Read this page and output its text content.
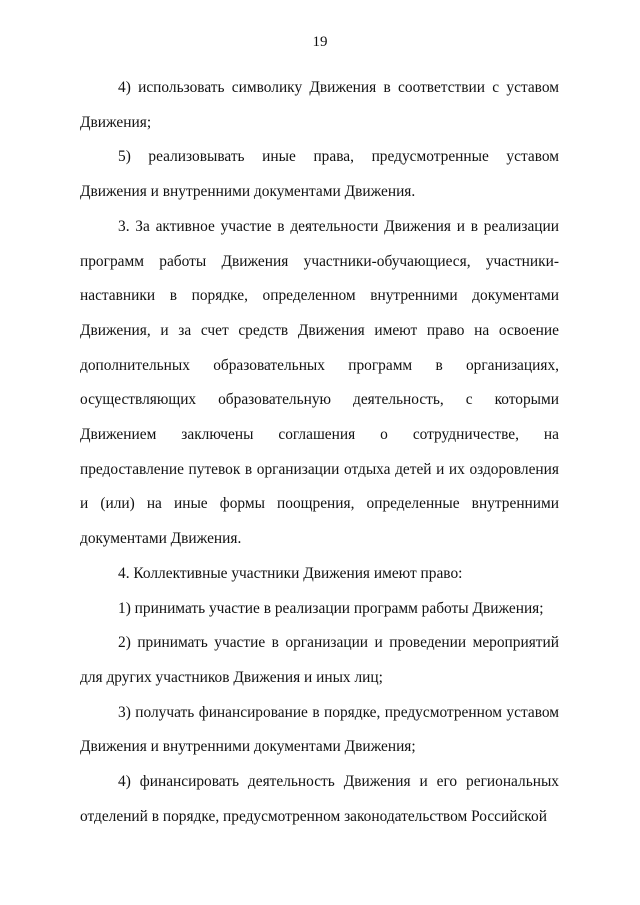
19

4) использовать символику Движения в соответствии с уставом Движения;

5) реализовывать иные права, предусмотренные уставом Движения и внутренними документами Движения.

3. За активное участие в деятельности Движения и в реализации программ работы Движения участники-обучающиеся, участники-наставники в порядке, определенном внутренними документами Движения, и за счет средств Движения имеют право на освоение дополнительных образовательных программ в организациях, осуществляющих образовательную деятельность, с которыми Движением заключены соглашения о сотрудничестве, на предоставление путевок в организации отдыха детей и их оздоровления и (или) на иные формы поощрения, определенные внутренними документами Движения.

4. Коллективные участники Движения имеют право:

1) принимать участие в реализации программ работы Движения;

2) принимать участие в организации и проведении мероприятий для других участников Движения и иных лиц;

3) получать финансирование в порядке, предусмотренном уставом Движения и внутренними документами Движения;

4) финансировать деятельность Движения и его региональных отделений в порядке, предусмотренном законодательством Российской
